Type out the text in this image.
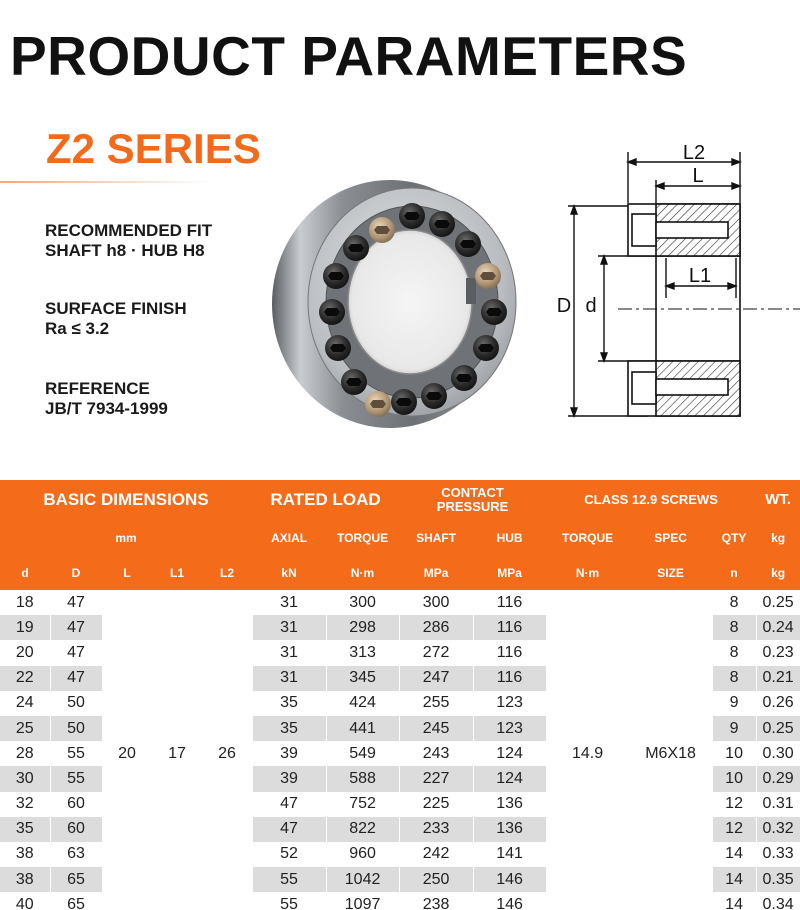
PRODUCT PARAMETERS
Z2 SERIES
RECOMMENDED FIT
SHAFT h8 · HUB H8
SURFACE FINISH
Ra ≤ 3.2
REFERENCE
JB/T 7934-1999
L2
L
L1
D d
BASIC DIMENSIONS					RATED LOAD		CONTACT
PRESSURE		CLASS 12.9 SCREWS			WT.
mm					AXIAL	TORQUE	SHAFT	HUB	TORQUE	SPEC	QTY	kg
d	D	L	L1	L2	kN	N·m	MPa	MPa	N·m	SIZE	n	kg
18	47	20	17	26	31	300	300	116	14.9	M6X18	8	0.25
19	47				31	298	286	116			8	0.24
20	47				31	313	272	116			8	0.23
22	47				31	345	247	116			8	0.21
24	50				35	424	255	123			9	0.26
25	50				35	441	245	123			9	0.25
28	55				39	549	243	124			10	0.30
30	55				39	588	227	124			10	0.29
32	60				47	752	225	136			12	0.31
35	60				47	822	233	136			12	0.32
38	63				52	960	242	141			14	0.33
38	65				55	1042	250	146			14	0.35
40	65				55	1097	238	146			14	0.34
